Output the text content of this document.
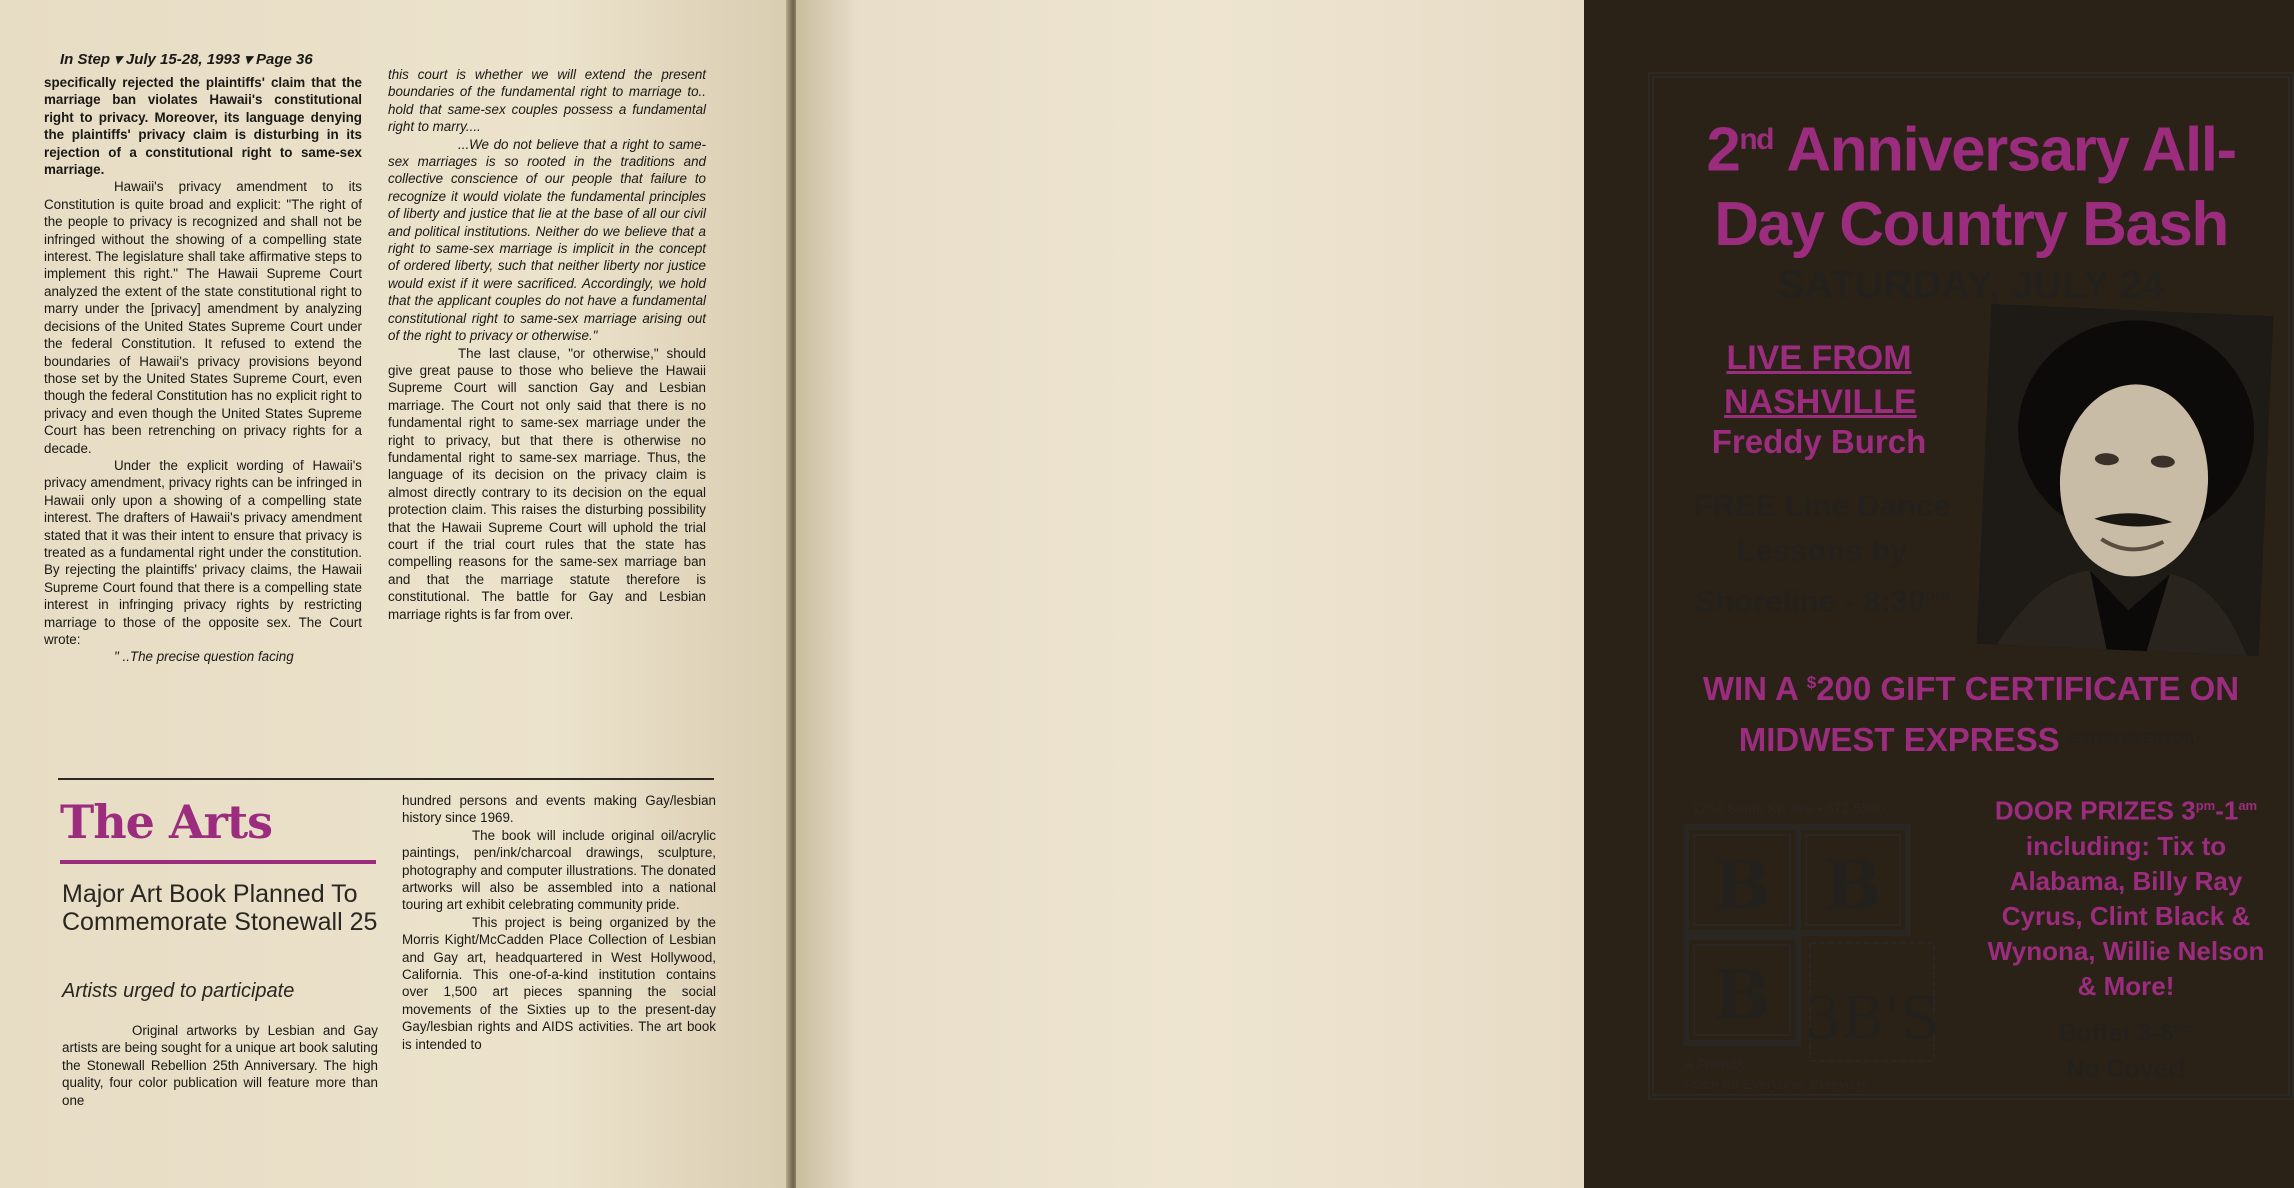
In Step ▾ July 15-28, 1993 ▾ Page 36

specifically rejected the plaintiffs' claim that the marriage ban violates Hawaii's constitutional right to privacy. Moreover, its language denying the plaintiffs' privacy claim is disturbing in its rejection of a constitutional right to same-sex marriage.

Hawaii's privacy amendment to its Constitution is quite broad and explicit: "The right of the people to privacy is recognized and shall not be infringed without the showing of a compelling state interest. The legislature shall take affirmative steps to implement this right." The Hawaii Supreme Court analyzed the extent of the state constitutional right to marry under the [privacy] amendment by analyzing decisions of the United States Supreme Court under the federal Constitution. It refused to extend the boundaries of Hawaii's privacy provisions beyond those set by the United States Supreme Court, even though the federal Constitution has no explicit right to privacy and even though the United States Supreme Court has been retrenching on privacy rights for a decade.

Under the explicit wording of Hawaii's privacy amendment, privacy rights can be infringed in Hawaii only upon a showing of a compelling state interest. The drafters of Hawaii's privacy amendment stated that it was their intent to ensure that privacy is treated as a fundamental right under the constitution. By rejecting the plaintiffs' privacy claims, the Hawaii Supreme Court found that there is a compelling state interest in infringing privacy rights by restricting marriage to those of the opposite sex. The Court wrote:

" ..The precise question facing

this court is whether we will extend the present boundaries of the fundamental right to marriage to.. hold that same-sex couples possess a fundamental right to marry....

...We do not believe that a right to same-sex marriages is so rooted in the traditions and collective conscience of our people that failure to recognize it would violate the fundamental principles of liberty and justice that lie at the base of all our civil and political institutions. Neither do we believe that a right to same-sex marriage is implicit in the concept of ordered liberty, such that neither liberty nor justice would exist if it were sacrificed. Accordingly, we hold that the applicant couples do not have a fundamental constitutional right to same-sex marriage arising out of the right to privacy or otherwise."

The last clause, "or otherwise," should give great pause to those who believe the Hawaii Supreme Court will sanction Gay and Lesbian marriage. The Court not only said that there is no fundamental right to same-sex marriage under the right to privacy, but that there is otherwise no fundamental right to same-sex marriage. Thus, the language of its decision on the privacy claim is almost directly contrary to its decision on the equal protection claim. This raises the disturbing possibility that the Hawaii Supreme Court will uphold the trial court if the trial court rules that the state has compelling reasons for the same-sex marriage ban and that the marriage statute therefore is constitutional. The battle for Gay and Lesbian marriage rights is far from over.

The Arts
Major Art Book Planned To Commemorate Stonewall 25
Artists urged to participate

Original artworks by Lesbian and Gay artists are being sought for a unique art book saluting the Stonewall Rebellion 25th Anniversary. The high quality, four color publication will feature more than one

hundred persons and events making Gay/lesbian history since 1969.

The book will include original oil/acrylic paintings, pen/ink/charcoal drawings, sculpture, photography and computer illustrations. The donated artworks will also be assembled into a national touring art exhibit celebrating community pride.

This project is being organized by the Morris Kight/McCadden Place Collection of Lesbian and Gay art, headquartered in West Hollywood, California. This one-of-a-kind institution contains over 1,500 art pieces spanning the social movements of the Sixties up to the present-day Gay/lesbian rights and AIDS activities. The art book is intended to

2nd Anniversary All-
Day Country Bash
SATURDAY, JULY 24
LIVE FROM
NASHVILLE
Freddy Burch
FREE Line Dance
Lessons by
Shoreline - $8:30^{pm}$
WIN A $200 GIFT CERTIFICATE ON
MIDWEST EXPRESS $^{ENTER EVERYDAY}$
1753 South KK Ave • 672-5580
B B
B 3B'S
A Friendly
Place for Everyone, Everyday
DOOR PRIZES $3^{pm}-1^{am}$
including: Tix to
Alabama, Billy Ray
Cyrus, Clint Black &
Wynona, Willie Nelson
& More!
Buffet $3-6^{pm}$
No Cover!
